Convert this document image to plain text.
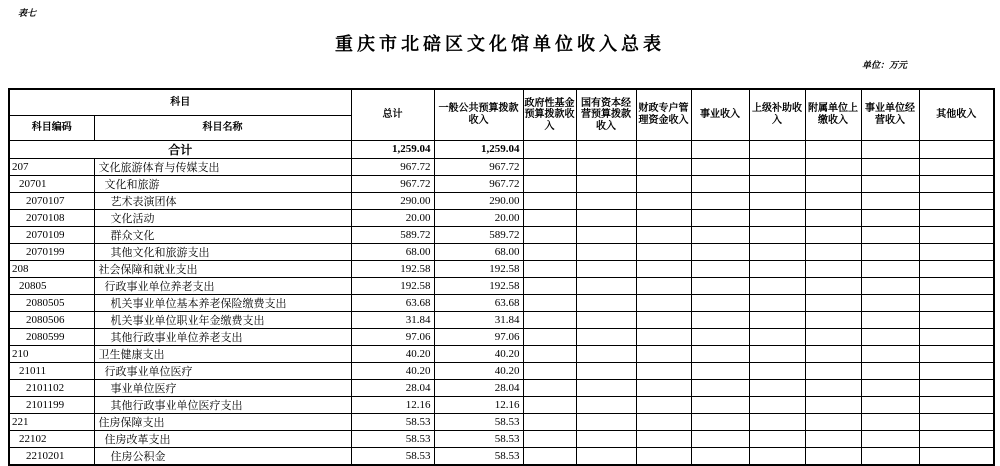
表七
重庆市北碚区文化馆单位收入总表
单位：万元
科目		总计	一般公共预算拨款收入	政府性基金预算拨款收入	国有资本经营预算拨款收入	财政专户管理资金收入	事业收入	上级补助收入	附属单位上缴收入	事业单位经营收入	其他收入
科目编码	科目名称										
合计		1,259.04	1,259.04								
207	文化旅游体育与传媒支出	967.72	967.72								
20701	文化和旅游	967.72	967.72								
2070107	艺术表演团体	290.00	290.00								
2070108	文化活动	20.00	20.00								
2070109	群众文化	589.72	589.72								
2070199	其他文化和旅游支出	68.00	68.00								
208	社会保障和就业支出	192.58	192.58								
20805	行政事业单位养老支出	192.58	192.58								
2080505	机关事业单位基本养老保险缴费支出	63.68	63.68								
2080506	机关事业单位职业年金缴费支出	31.84	31.84								
2080599	其他行政事业单位养老支出	97.06	97.06								
210	卫生健康支出	40.20	40.20								
21011	行政事业单位医疗	40.20	40.20								
2101102	事业单位医疗	28.04	28.04								
2101199	其他行政事业单位医疗支出	12.16	12.16								
221	住房保障支出	58.53	58.53								
22102	住房改革支出	58.53	58.53								
2210201	住房公积金	58.53	58.53								
